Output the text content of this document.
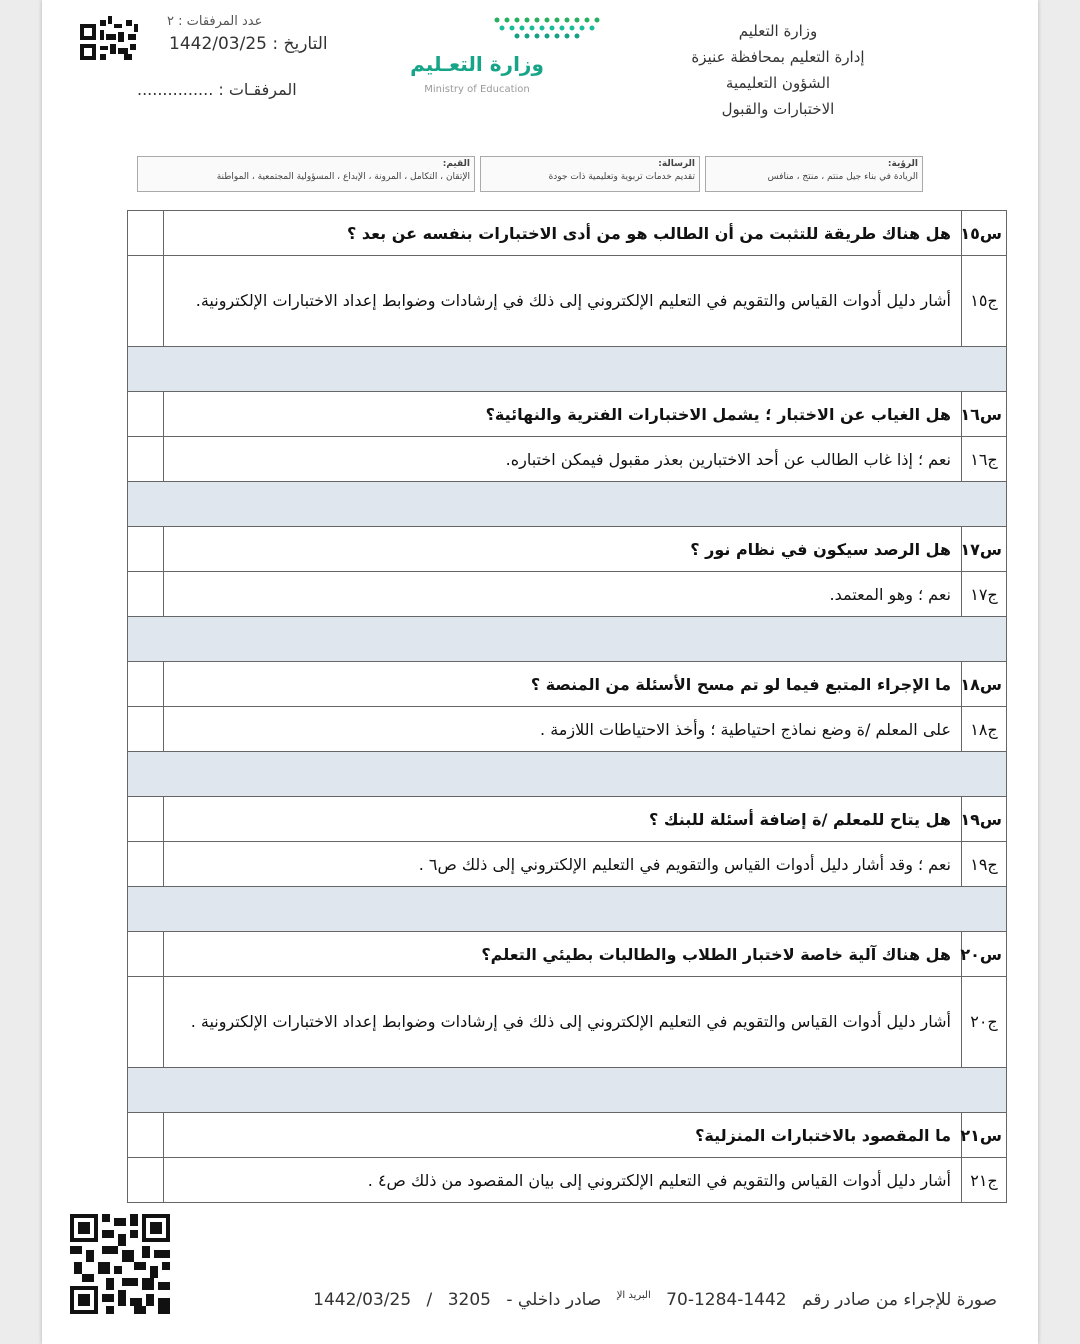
عدد المرفقات : ٢
التاريخ : 1442/03/25
المرفقـات : ...............
وزارة التعـليم
Ministry of Education
وزارة التعليم
إدارة التعليم بمحافظة عنيزة
الشؤون التعليمية
الاختبارات والقبول
الرؤية:
الريادة في بناء جيل منتم ، منتج ، منافس
الرسالة:
تقديم خدمات تربوية وتعليمية ذات جودة
القيم:
الإتقان ، التكامل ، المرونة ، الإبداع ، المسؤولية المجتمعية ، المواطنة
	هل هناك طريقة للتثبت من أن الطالب هو من أدى الاختبارات بنفسه عن بعد ؟	س١٥
	أشار دليل أدوات القياس والتقويم في التعليم الإلكتروني إلى ذلك في إرشادات وضوابط إعداد الاختبارات الإلكترونية.	ج١٥

	هل الغياب عن الاختبار ؛ يشمل الاختبارات الفترية والنهائية؟	س١٦
	نعم ؛ إذا غاب الطالب عن أحد الاختبارين بعذر مقبول فيمكن اختباره.	ج١٦

	هل الرصد سيكون في نظام نور ؟	س١٧
	نعم ؛ وهو المعتمد.	ج١٧

	ما الإجراء المتبع فيما لو تم مسح الأسئلة من المنصة ؟	س١٨
	على المعلم /ة وضع نماذج احتياطية ؛ وأخذ الاحتياطات اللازمة .	ج١٨

	هل يتاح للمعلم /ة إضافة أسئلة للبنك ؟	س١٩
	نعم ؛ وقد أشار دليل أدوات القياس والتقويم في التعليم الإلكتروني إلى ذلك ص٦ .	ج١٩

	هل هناك آلية خاصة لاختبار الطلاب والطالبات بطيئي التعلم؟	س٢٠
	أشار دليل أدوات القياس والتقويم في التعليم الإلكتروني إلى ذلك في إرشادات وضوابط إعداد الاختبارات الإلكترونية .	ج٢٠

	ما المقصود بالاختبارات المنزلية؟	س٢١
	أشار دليل أدوات القياس والتقويم في التعليم الإلكتروني إلى بيان المقصود من ذلك ص٤ .	ج٢١
صورة للإجراء من صادر رقم 1442-1284-70 $^{البريد الإ}$ صادر داخلي - 3205 / 1442/03/25
